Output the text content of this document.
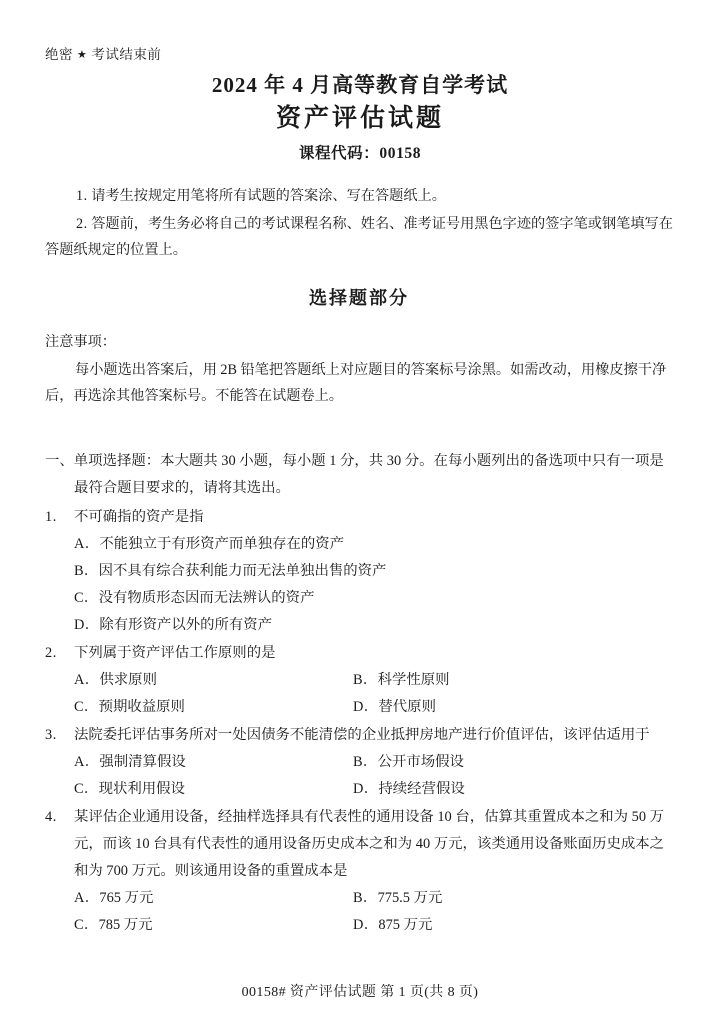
绝密 ★ 考试结束前
2024 年 4 月高等教育自学考试
资产评估试题
课程代码：00158
1. 请考生按规定用笔将所有试题的答案涂、写在答题纸上。
2. 答题前，考生务必将自己的考试课程名称、姓名、准考证号用黑色字迹的签字笔或钢笔填写在答题纸规定的位置上。
选择题部分
注意事项：
每小题选出答案后，用 2B 铅笔把答题纸上对应题目的答案标号涂黑。如需改动，用橡皮擦干净后，再选涂其他答案标号。不能答在试题卷上。
一、单项选择题：本大题共 30 小题，每小题 1 分，共 30 分。在每小题列出的备选项中只有一项是最符合题目要求的，请将其选出。
1. 不可确指的资产是指
A．不能独立于有形资产而单独存在的资产
B．因不具有综合获利能力而无法单独出售的资产
C．没有物质形态因而无法辨认的资产
D．除有形资产以外的所有资产
2. 下列属于资产评估工作原则的是
A．供求原则	B．科学性原则
C．预期收益原则	D．替代原则
3. 法院委托评估事务所对一处因债务不能清偿的企业抵押房地产进行价值评估，该评估适用于
A．强制清算假设	B．公开市场假设
C．现状利用假设	D．持续经营假设
4. 某评估企业通用设备，经抽样选择具有代表性的通用设备 10 台，估算其重置成本之和为 50 万元，而该 10 台具有代表性的通用设备历史成本之和为 40 万元，该类通用设备账面历史成本之和为 700 万元。则该通用设备的重置成本是
A．765 万元	B．775.5 万元
C．785 万元	D．875 万元
00158# 资产评估试题 第 1 页(共 8 页)
